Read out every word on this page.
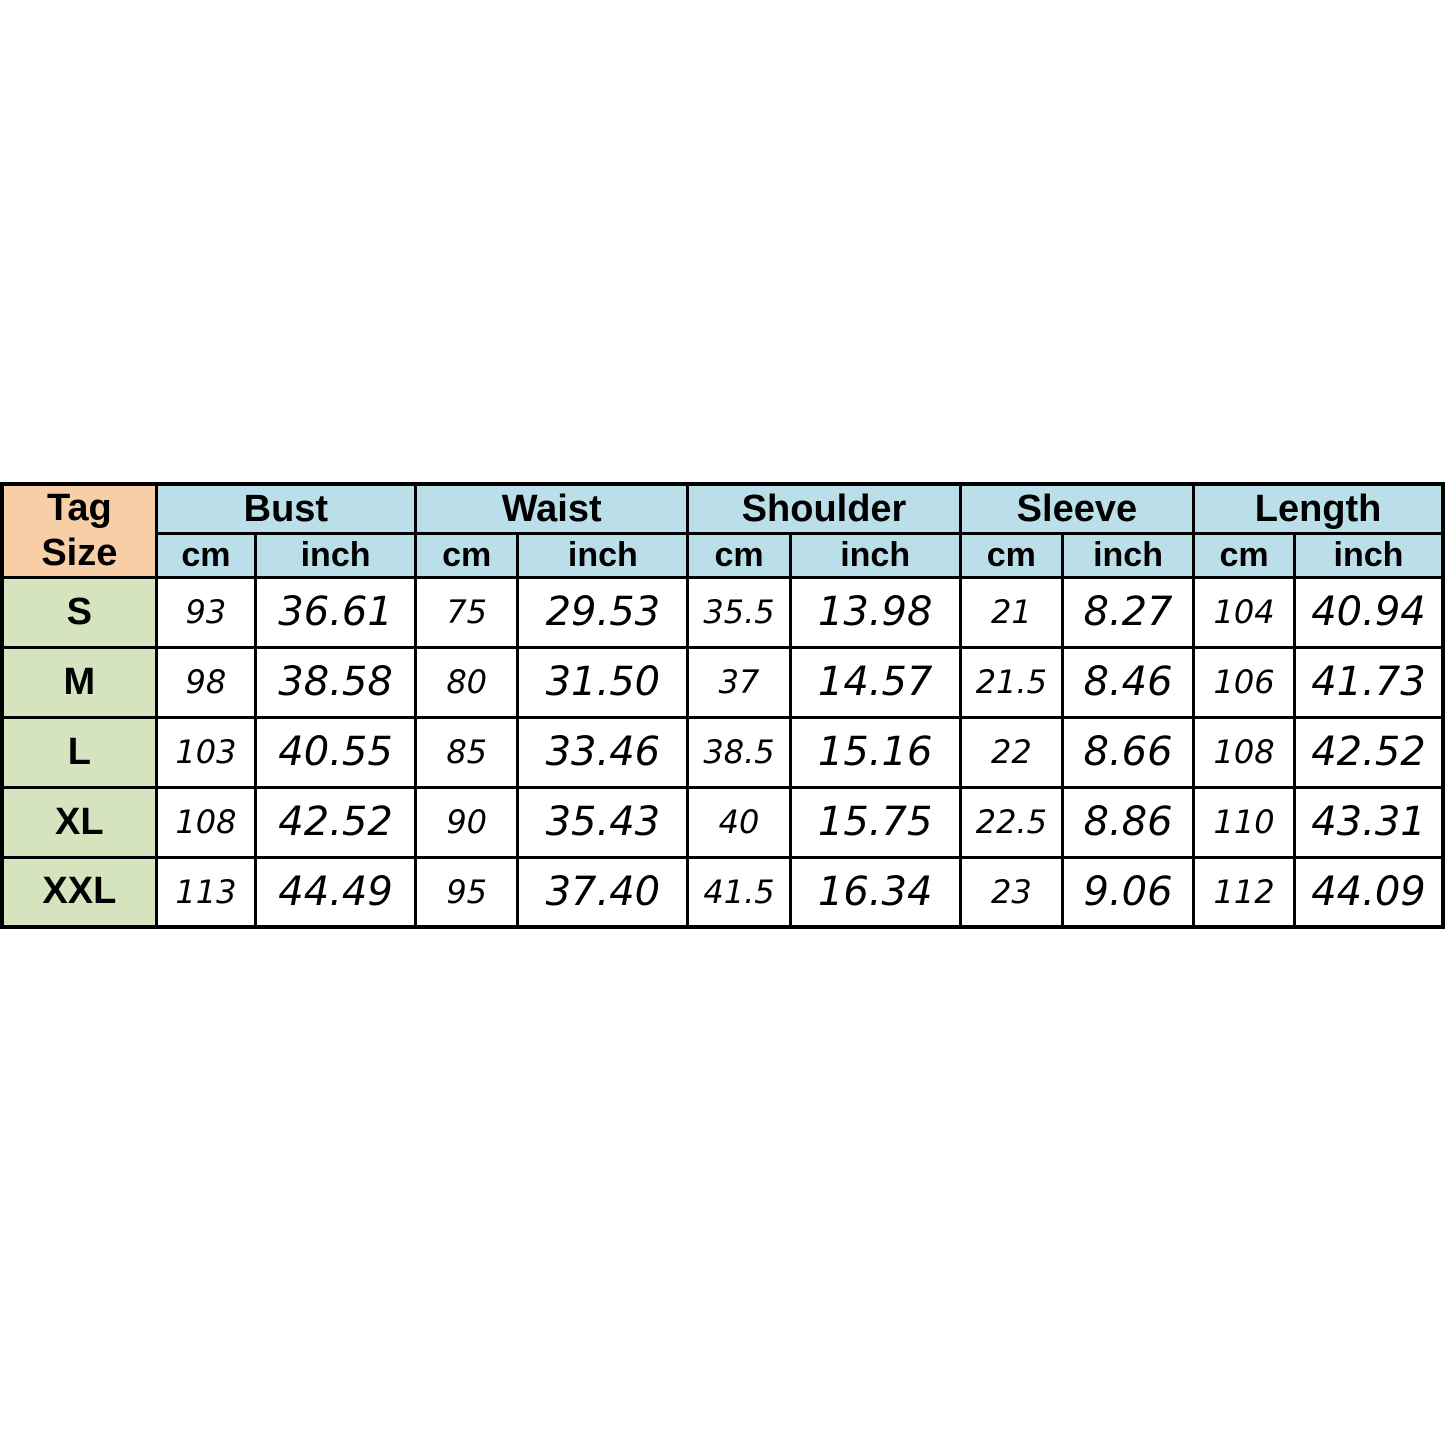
Tag
Size	Bust		Waist		Shoulder		Sleeve		Length	
	cm	inch	cm	inch	cm	inch	cm	inch	cm	inch
S	93	36.61	75	29.53	35.5	13.98	21	8.27	104	40.94
M	98	38.58	80	31.50	37	14.57	21.5	8.46	106	41.73
L	103	40.55	85	33.46	38.5	15.16	22	8.66	108	42.52
XL	108	42.52	90	35.43	40	15.75	22.5	8.86	110	43.31
XXL	113	44.49	95	37.40	41.5	16.34	23	9.06	112	44.09
